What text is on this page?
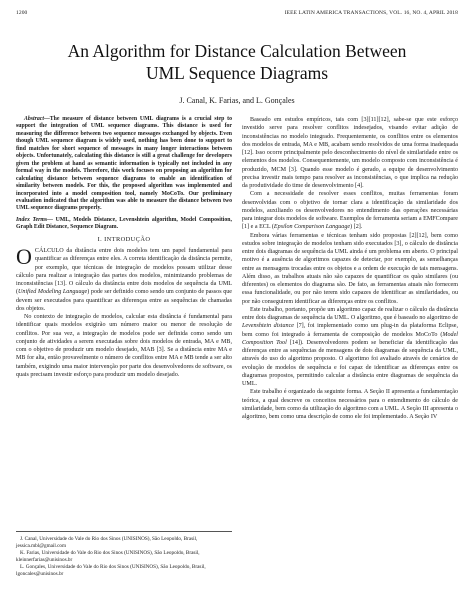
1200	IEEE LATIN AMERICA TRANSACTIONS, VOL. 16, NO. 4, APRIL 2018
An Algorithm for Distance Calculation Between
UML Sequence Diagrams
J. Canal, K. Farias, and L. Gonçales

Abstract—The measure of distance between UML diagrams is a crucial step to support the integration of UML sequence diagrams. This distance is used for measuring the difference between two sequence messages exchanged by objects. Even though UML sequence diagram is widely used, nothing has been done to support to find matches for short sequence of messages in many longer interactions between objects. Unfortunately, calculating this distance is still a great challenge for developers given the problem at hand as semantic information is typically not included in any formal way in the models. Therefore, this work focuses on proposing an algorithm for calculating distance between sequence diagrams to enable an identification of similarity between models. For this, the proposed algorithm was implemented and incorporated into a model composition tool, namely MoCoTo. Our preliminary evaluation indicated that the algorithm was able to measure the distance between two UML sequence diagrams properly.

Index Terms— UML, Models Distance, Levenshtein algorithm, Model Composition, Graph Edit Distance, Sequence Diagram.

I. INTRODUÇÃO

OCÁLCULO da distância entre dois modelos tem um papel fundamental para quantificar as diferenças entre eles. A correta identificação da distância permite, por exemplo, que técnicas de integração de modelos possam utilizar desse cálculo para realizar a integração das partes dos modelos, minimizando problemas de inconsistências [13]. O cálculo da distância entre dois modelos de sequência da UML (Unified Modeling Language) pode ser definido como sendo um conjunto de passos que devem ser executados para quantificar as diferenças entre as sequências de chamadas dos objetos.

No contexto de integração de modelos, calcular esta distância é fundamental para identificar quais modelos exigirão um número maior ou menor de resolução de conflitos. Por sua vez, a integração de modelos pode ser definida como sendo um conjunto de atividades a serem executadas sobre dois modelos de entrada, MA e MB, com o objetivo de produzir um modelo desejado, MAB [3]. Se a distância entre MA e MB for alta, então provavelmente o número de conflitos entre MA e MB tende a ser alto também, exigindo uma maior intervenção por parte dos desenvolvedores de software, os quais precisam investir esforço para produzir um modelo desejado.

J. Canal, Universidade do Vale do Rio dos Sinos (UNISINOS), São Leopoldo, Brasil, jessica.mbl@gmail.com

K. Farias, Universidade do Vale do Rio dos Sinos (UNISINOS), São Leopoldo, Brasil, kleinnerfarias@unisinos.br

L. Gonçales, Universidade do Vale do Rio dos Sinos (UNISINOS), São Leopoldo, Brasil, lgoncales@unisinos.br

Baseado em estudos empíricos, tais com [3][11][12], sabe-se que este esforço investido serve para resolver conflitos indesejados, visando evitar adição de inconsistências no modelo integrado. Frequentemente, os conflitos entre os elementos dos modelos de entrada, MA e MB, acabam sendo resolvidos de uma forma inadequada [12]. Isso ocorre principalmente pelo desconhecimento do nível de similaridade entre os elementos dos modelos. Consequentemente, um modelo composto com inconsistência é produzido, MCM [3]. Quando esse modelo é gerado, a equipe de desenvolvimento precisa investir mais tempo para resolver as inconsistências, o que implica na redução da produtividade do time de desenvolvimento [4].

Com a necessidade de resolver esses conflitos, muitas ferramentas foram desenvolvidas com o objetivo de tornar clara a identificação da similaridade dos modelos, auxiliando os desenvolvedores no entendimento das operações necessárias para integrar dois modelos de software. Exemplos de ferramenta seriam a EMFCompare [1] e a ECL (Epsilon Comparison Language) [2].

Embora várias ferramentas e técnicas tenham sido propostas [2][12], bem como estudos sobre integração de modelos tenham sido executados [3], o cálculo de distância entre dois diagramas de sequência da UML ainda é um problema em aberto. O principal motivo é a ausência de algoritmos capazes de detectar, por exemplo, as semelhanças entre as mensagens trocadas entre os objetos e a ordem de execução de tais mensagens. Além disso, as trabalhos atuais não são capazes de quantificar os quão similares (ou diferentes) os elementos do diagrama são. De fato, as ferramentas atuais não fornecem essa funcionalidade, ou por não terem sido capazes de identificar as similaridades, ou por não conseguirem identificar as diferenças entre os conflitos.

Este trabalho, portanto, propõe um algoritmo capaz de realizar o cálculo da distância entre dois diagramas de sequência da UML. O algoritmo, que é baseado no algoritmo de Levenshtein distance [7], foi implementado como um plug-in da plataforma Eclipse, bem como foi integrado à ferramenta de composição de modelos MoCoTo (Model Composition Tool [14]). Desenvolvedores podem se beneficiar da identificação das diferenças entre as sequências de mensagens de dois diagramas de sequência da UML, através do uso do algoritmo proposto. O algoritmo foi avaliado através de cenários de evolução de modelos de sequência e foi capaz de identificar as diferenças entre os diagramas propostos, permitindo calcular a distância entre diagramas de sequência da UML.

Este trabalho é organizado da seguinte forma. A Seção II apresenta a fundamentação teórica, a qual descreve os conceitos necessários para o entendimento do cálculo de similaridade, bem como da utilização do algoritmo com a UML. A Seção III apresenta o algoritmo, bem como uma descrição de como ele foi implementado. A Seção IV
